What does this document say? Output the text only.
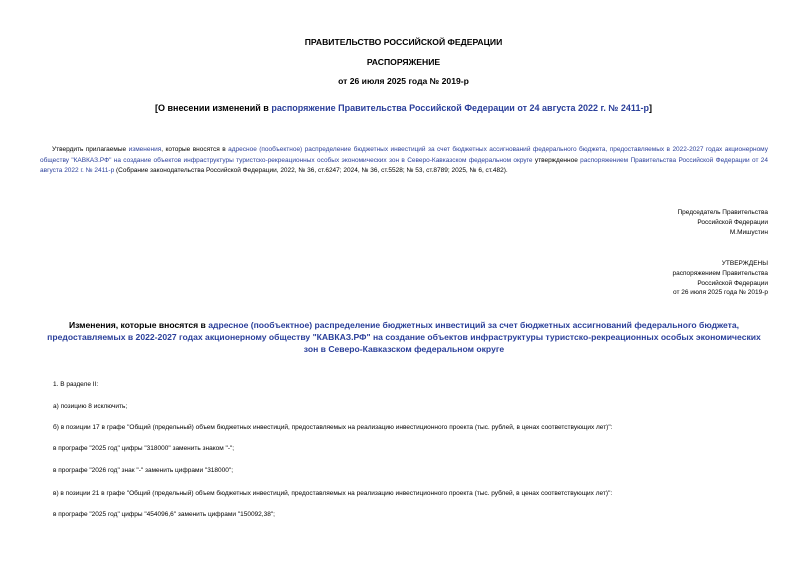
ПРАВИТЕЛЬСТВО РОССИЙСКОЙ ФЕДЕРАЦИИ
РАСПОРЯЖЕНИЕ
от 26 июля 2025 года № 2019-р
[О внесении изменений в распоряжение Правительства Российской Федерации от 24 августа 2022 г. № 2411-р]
Утвердить прилагаемые изменения, которые вносятся в адресное (пообъектное) распределение бюджетных инвестиций за счет бюджетных ассигнований федерального бюджета, предоставляемых в 2022-2027 годах акционерному обществу "КАВКАЗ.РФ" на создание объектов инфраструктуры туристско-рекреационных особых экономических зон в Северо-Кавказском федеральном округе утвержденное распоряжением Правительства Российской Федерации от 24 августа 2022 г. № 2411-р (Собрание законодательства Российской Федерации, 2022, № 36, ст.6247; 2024, № 36, ст.5528; № 53, ст.8789; 2025, № 6, ст.482).
Председатель Правительства
Российской Федерации
М.Мишустин
УТВЕРЖДЕНЫ
распоряжением Правительства
Российской Федерации
от 26 июля 2025 года № 2019-р
Изменения, которые вносятся в адресное (пообъектное) распределение бюджетных инвестиций за счет бюджетных ассигнований федерального бюджета, предоставляемых в 2022-2027 годах акционерному обществу "КАВКАЗ.РФ" на создание объектов инфраструктуры туристско-рекреационных особых экономических зон в Северо-Кавказском федеральном округе
1. В разделе II:
а) позицию 8 исключить;
б) в позиции 17 в графе "Общий (предельный) объем бюджетных инвестиций, предоставляемых на реализацию инвестиционного проекта (тыс. рублей, в ценах соответствующих лет)":
в прографе "2025 год" цифры "318000" заменить знаком "-";
в прографе "2026 год" знак "-" заменить цифрами "318000";
в) в позиции 21 в графе "Общий (предельный) объем бюджетных инвестиций, предоставляемых на реализацию инвестиционного проекта (тыс. рублей, в ценах соответствующих лет)":
в прографе "2025 год" цифры "454096,6" заменить цифрами "150092,38";
